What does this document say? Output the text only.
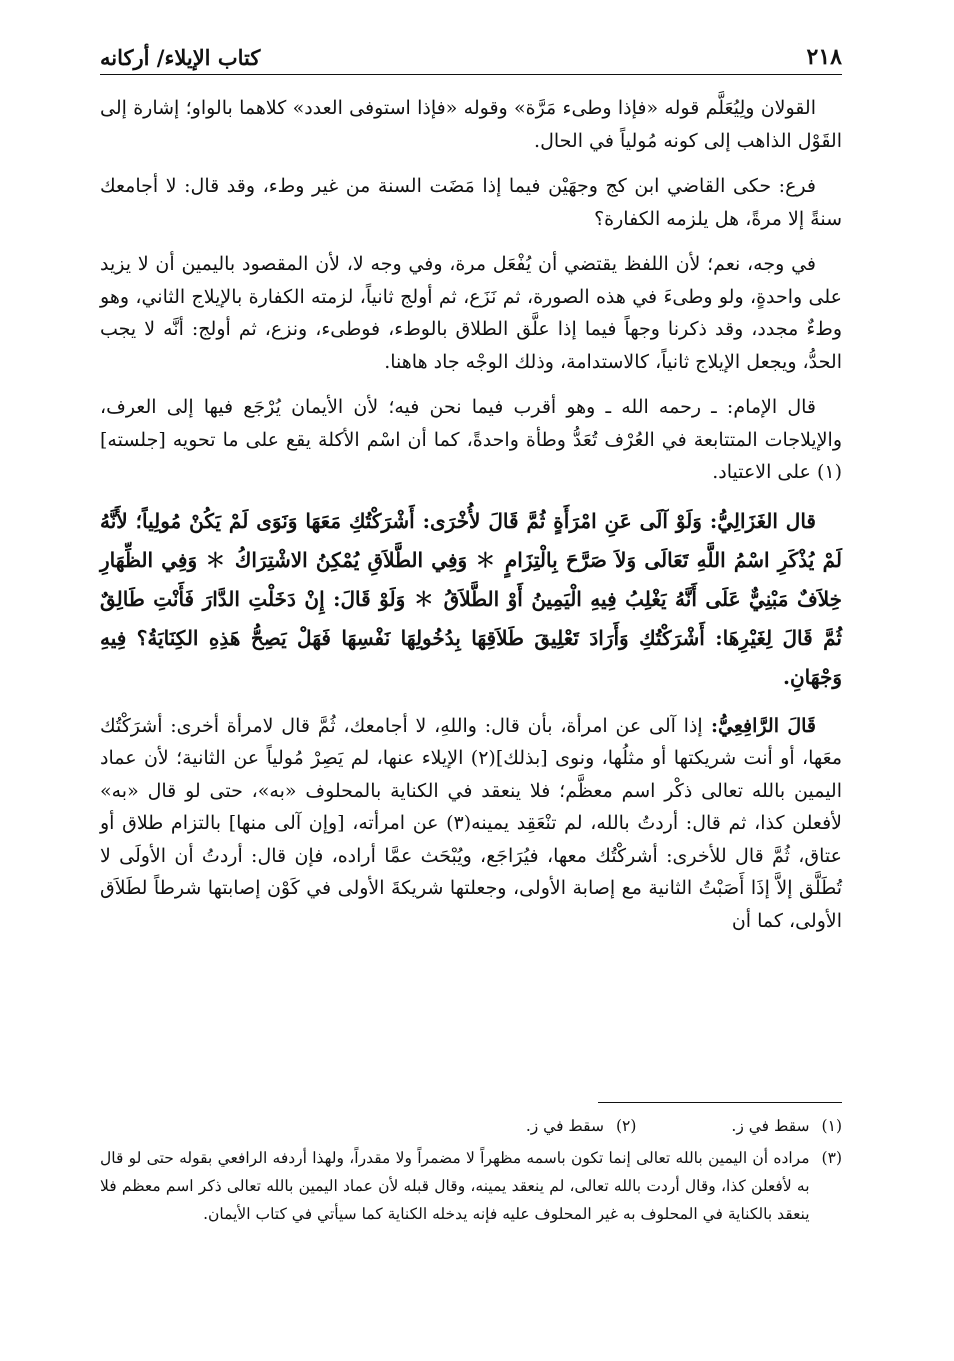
٢١٨
كتاب الإيلاء/ أركانه

القولان ولِيُعَلَّم قوله «فإذا وطىء مَرَّة» وقوله «فإذا استوفى العدد» كلاهما بالواو؛ إشارة إلى القَوْل الذاهب إلى كونه مُولياً في الحال.

فرع: حكى القاضي ابن كج وجهَيْن فيما إذا مَضَت السنة من غير وطء، وقد قال: لا أجامعك سنةً إلا مرةً، هل يلزمه الكفارة؟

في وجه، نعم؛ لأن اللفظ يقتضي أن يُفْعَل مرة، وفي وجه لا، لأن المقصود باليمين أن لا يزيد على واحدةٍ، ولو وطىءَ في هذه الصورة، ثم نَزَع، ثم أولج ثانياً، لزمته الكفارة بالإيلاج الثاني، وهو وطءٌ مجدد، وقد ذكرنا وجهاً فيما إذا علَّق الطلاق بالوطء، فوطىء، ونزع، ثم أولج: أنَّه لا يجب الحدُّ، ويجعل الإيلاج ثانياً، كالاستدامة، وذلك الوجْه جاد هاهنا.

قال الإمام: ـ رحمه الله ـ وهو أقرب فيما نحن فيه؛ لأن الأيمان يُرْجَع فيها إلى العرف، والإيلاجات المتتابعة في العُرْف تُعَدُّ وطأة واحدةً، كما أن اسْم الأكلة يقع على ما تحويه [جلسته](١) على الاعتياد.

قال الغَزَالِيُّ: وَلَوْ آلَى عَنِ امْرَأَةٍ ثُمَّ قَالَ لأُخْرَى: أَشْرَكْتُكِ مَعَهَا وَنَوَى لَمْ يَكُنْ مُولِياً؛ لأَنَّهُ لَمْ يُذْكَرِ اسْمُ اللَّهِ تَعَالَى وَلاَ صَرَّحَ بِالْتِزَامٍ ＊ وَفِي الطَّلاَقِ يُمْكِنُ الاشْتِرَاكُ ＊ وَفِي الظِّهَارِ خِلاَفٌ مَبْنِيٌّ عَلَى أَنَّهُ يَغْلِبُ فِيهِ الْيَمِينُ أَوْ الطَّلاَقُ ＊ وَلَوْ قَالَ: إِنْ دَخَلْتِ الدَّارَ فَأَنْتِ طَالِقٌ ثُمَّ قَالَ لِغَيْرِهَا: أَشْرَكْتُكِ وَأَرَادَ تَعْلِيقَ طَلاَقِهَا بِدُخُولِهَا نَفْسِهَا فَهَلْ يَصِحُّ هَذِهِ الكِنَايَةُ؟ فِيهِ وَجْهَانِ.

قَالَ الرَّافِعِيُّ: إذا آلى عن امرأة، بأن قال: واللهِ، لا أجامعك، ثُمَّ قال لامرأة أخرى: أشرَكْتُك معَها، أو أنت شريكتها أو مثلُها، ونوى [بذلك](٢) الإيلاء عنها، لم يَصِرْ مُولياً عن الثانية؛ لأن عماد اليمين بالله تعالى ذكْر اسم معظَّم؛ فلا ينعقد في الكناية بالمحلوف «به»، حتى لو قال «به» لأفعلن كذا، ثم قال: أردتُ بالله، لم تنْعَقِد يمينه(٣) عن امرأته، [وإن آلى منها] بالتزام طلاق أو عتاق، ثُمَّ قال للأخرى: أشركْتُك معها، فيُرَاجَع، ويُبْحَث عمَّا أراده، فإن قال: أردتُ أن الأولَى لا تُطَلَّق إلاَّ إذَا أَصَبْتُ الثانية مع إصابة الأولى، وجعلتها شريكةَ الأولى في كَوْن إصابتها شرطاً لطَلاَق الأولى، كما أن

(١)
سقط في ز.
(٢)
سقط في ز.
(٣)
مراده أن اليمين بالله تعالى إنما تكون باسمه مظهراً لا مضمراً ولا مقدراً، ولهذا أردفه الرافعي بقوله حتى لو قال به لأفعلن كذا، وقال أردت بالله تعالى، لم ينعقد يمينه، وقال قبله لأن عماد اليمين بالله تعالى ذكر اسم معظم فلا ينعقد بالكناية في المحلوف به غير المحلوف عليه فإنه يدخله الكناية كما سيأتي في كتاب الأيمان.
